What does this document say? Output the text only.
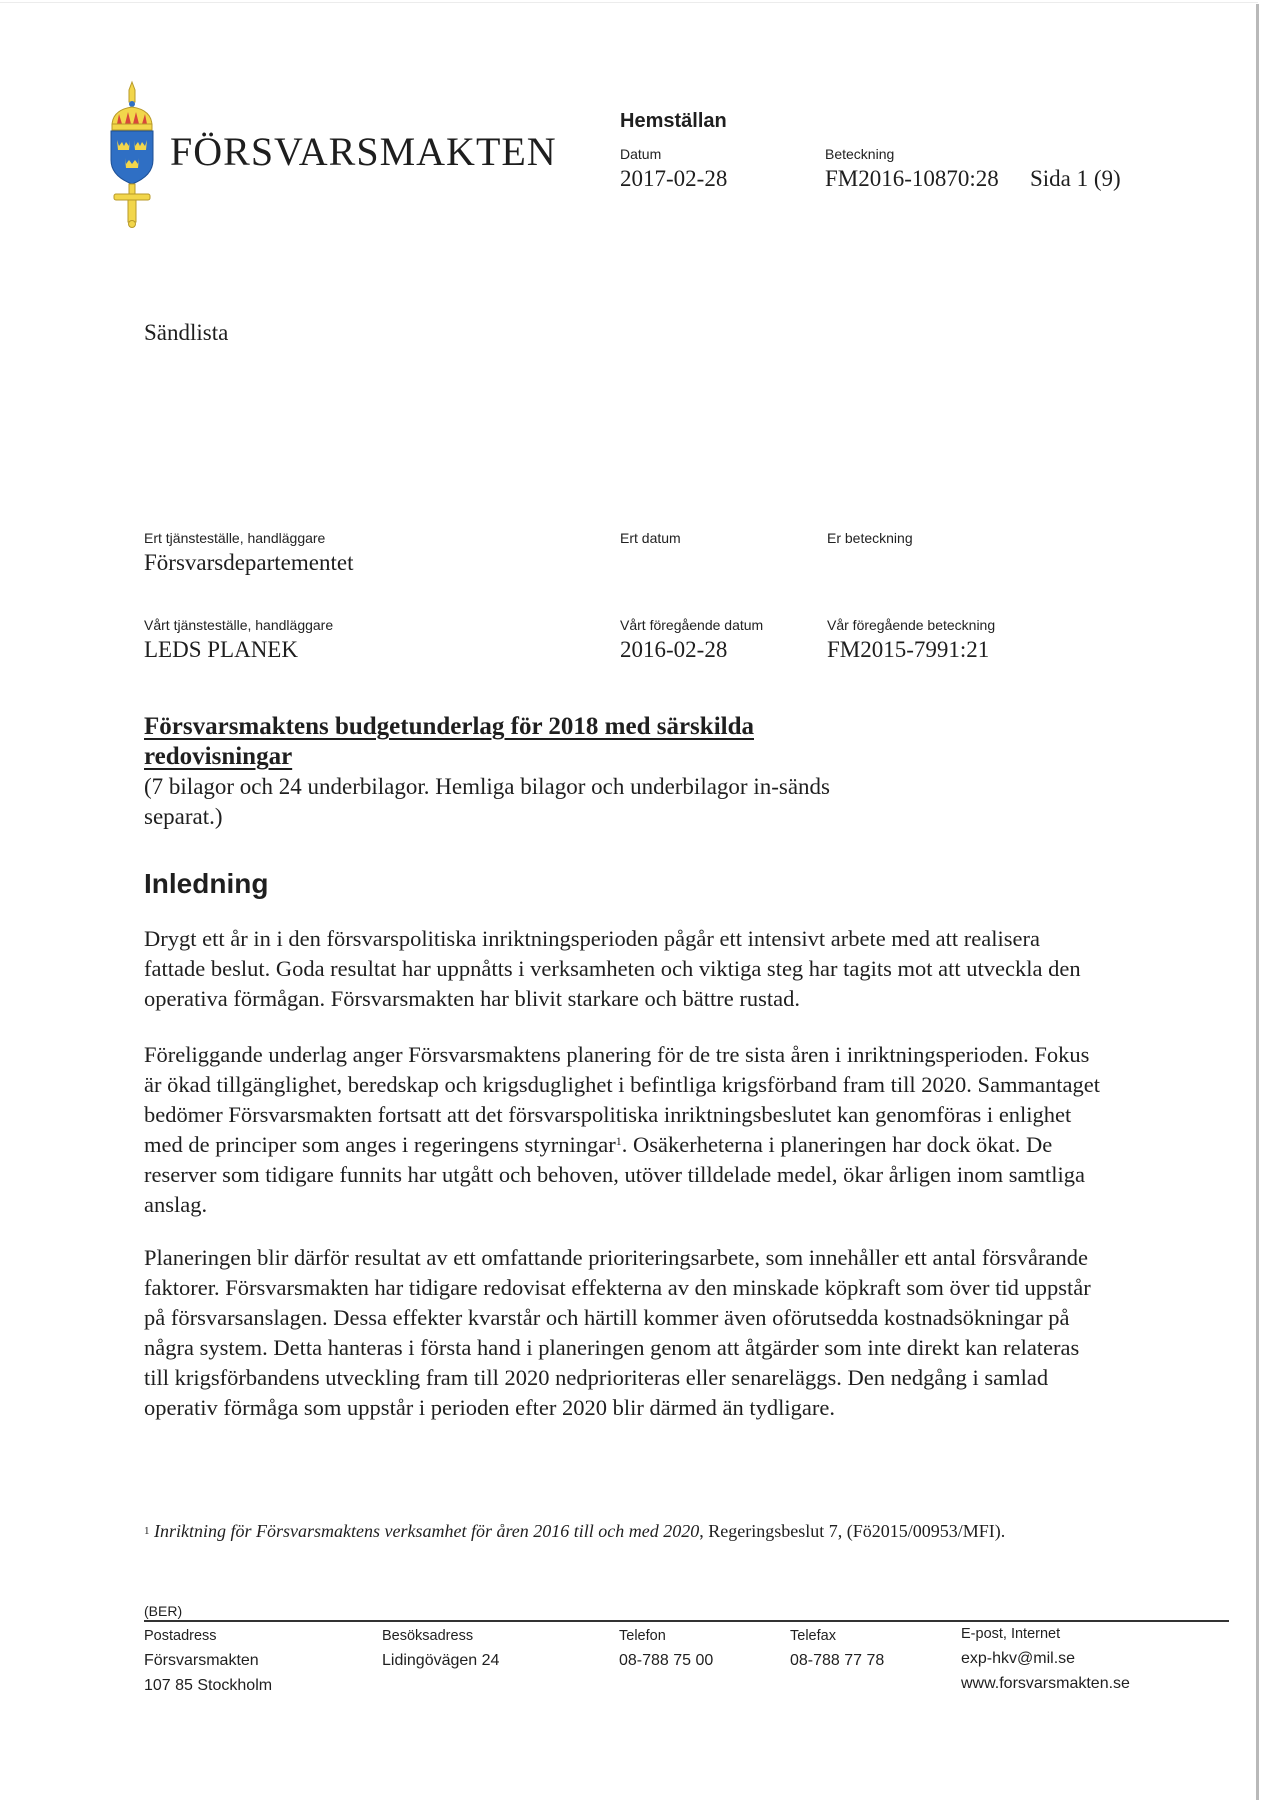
FÖRSVARSMAKTEN
Hemställan
Datum
2017-02-28
Beteckning
FM2016-10870:28 Sida 1 (9)
Sändlista
Ert tjänsteställe, handläggare
Försvarsdepartementet
Ert datum	Er beteckning
Vårt tjänsteställe, handläggare
LEDS PLANEK
Vårt föregående datum
2016-02-28
Vår föregående beteckning
FM2015-7991:21
Försvarsmaktens budgetunderlag för 2018 med särskilda redovisningar
(7 bilagor och 24 underbilagor. Hemliga bilagor och underbilagor in-sänds separat.)
Inledning
Drygt ett år in i den försvarspolitiska inriktningsperioden pågår ett intensivt arbete med att realisera fattade beslut. Goda resultat har uppnåtts i verksamheten och viktiga steg har tagits mot att utveckla den operativa förmågan. Försvarsmakten har blivit starkare och bättre rustad.
Föreliggande underlag anger Försvarsmaktens planering för de tre sista åren i inriktningsperioden. Fokus är ökad tillgänglighet, beredskap och krigsduglighet i befintliga krigsförband fram till 2020. Sammantaget bedömer Försvarsmakten fortsatt att det försvarspolitiska inriktningsbeslutet kan genomföras i enlighet med de principer som anges i regeringens styrningar$^1$. Osäkerheterna i planeringen har dock ökat. De reserver som tidigare funnits har utgått och behoven, utöver tilldelade medel, ökar årligen inom samtliga anslag.
Planeringen blir därför resultat av ett omfattande prioriteringsarbete, som innehåller ett antal försvårande faktorer. Försvarsmakten har tidigare redovisat effekterna av den minskade köpkraft som över tid uppstår på försvarsanslagen. Dessa effekter kvarstår och härtill kommer även oförutsedda kostnadsökningar på några system. Detta hanteras i första hand i planeringen genom att åtgärder som inte direkt kan relateras till krigsförbandens utveckling fram till 2020 nedprioriteras eller senareläggs. Den nedgång i samlad operativ förmåga som uppstår i perioden efter 2020 blir därmed än tydligare.
$^1$ Inriktning för Försvarsmaktens verksamhet för åren 2016 till och med 2020, Regeringsbeslut 7, (Fö2015/00953/MFI).
(BER)
Postadress
Försvarsmakten
107 85 Stockholm
Besöksadress
Lidingövägen 24
Telefon
08-788 75 00
Telefax
08-788 77 78
E-post, Internet
exp-hkv@mil.se
www.forsvarsmakten.se
